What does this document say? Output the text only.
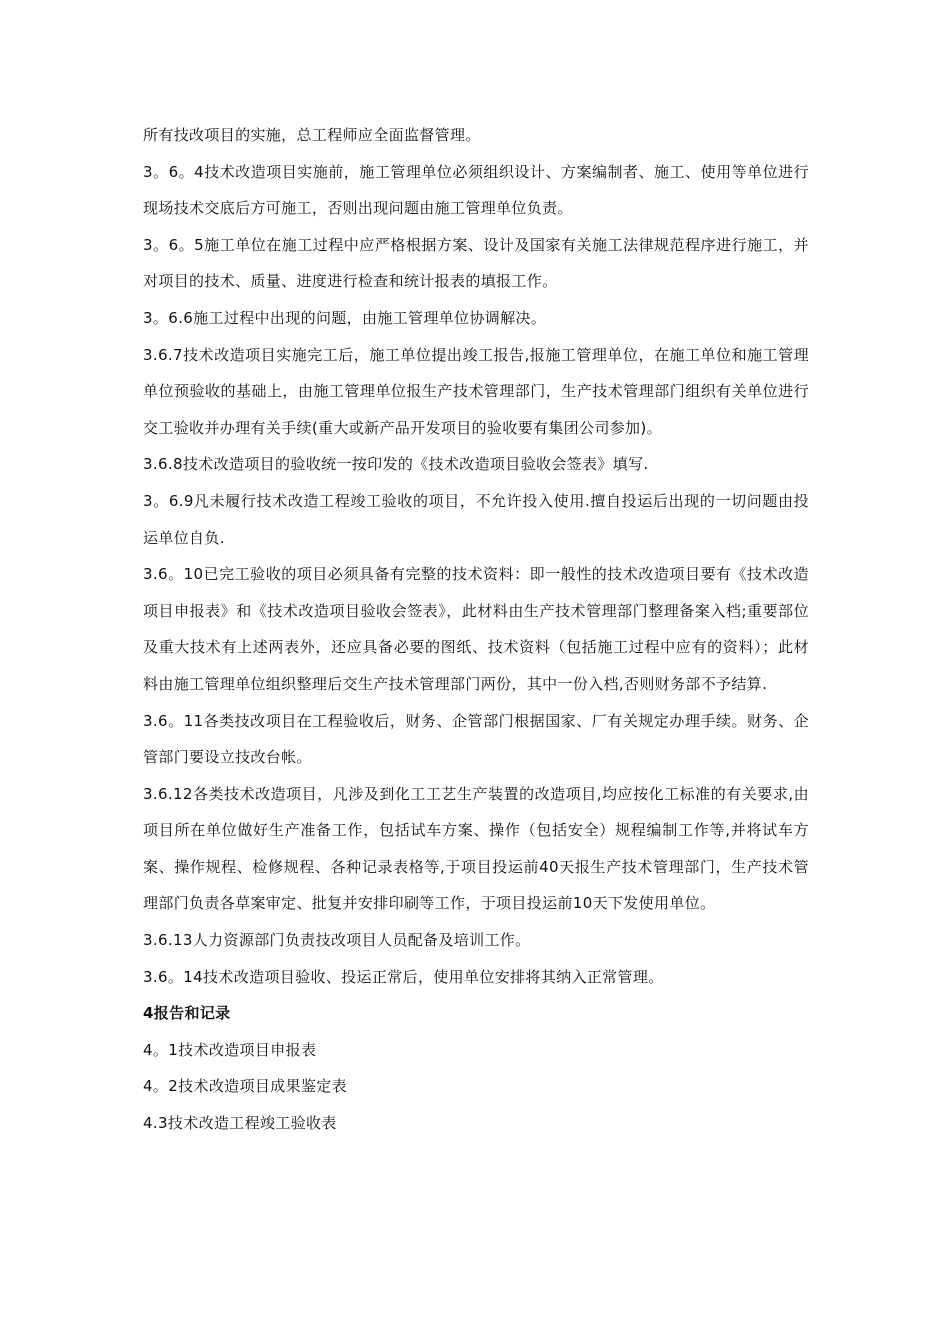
所有技改项目的实施，总工程师应全面监督管理。

3。6。4技术改造项目实施前，施工管理单位必须组织设计、方案编制者、施工、使用等单位进行现场技术交底后方可施工，否则出现问题由施工管理单位负责。

3。6。5施工单位在施工过程中应严格根据方案、设计及国家有关施工法律规范程序进行施工，并对项目的技术、质量、进度进行检查和统计报表的填报工作。

3。6.6施工过程中出现的问题，由施工管理单位协调解决。

3.6.7技术改造项目实施完工后，施工单位提出竣工报告,报施工管理单位，在施工单位和施工管理单位预验收的基础上，由施工管理单位报生产技术管理部门，生产技术管理部门组织有关单位进行交工验收并办理有关手续(重大或新产品开发项目的验收要有集团公司参加)。

3.6.8技术改造项目的验收统一按印发的《技术改造项目验收会签表》填写.

3。6.9凡未履行技术改造工程竣工验收的项目，不允许投入使用.擅自投运后出现的一切问题由投运单位自负.

3.6。10已完工验收的项目必须具备有完整的技术资料：即一般性的技术改造项目要有《技术改造项目申报表》和《技术改造项目验收会签表》，此材料由生产技术管理部门整理备案入档;重要部位及重大技术有上述两表外，还应具备必要的图纸、技术资料（包括施工过程中应有的资料）；此材料由施工管理单位组织整理后交生产技术管理部门两份，其中一份入档,否则财务部不予结算.

3.6。11各类技改项目在工程验收后，财务、企管部门根据国家、厂有关规定办理手续。财务、企管部门要设立技改台帐。

3.6.12各类技术改造项目，凡涉及到化工工艺生产装置的改造项目,均应按化工标准的有关要求,由项目所在单位做好生产准备工作，包括试车方案、操作（包括安全）规程编制工作等,并将试车方案、操作规程、检修规程、各种记录表格等,于项目投运前40天报生产技术管理部门，生产技术管理部门负责各草案审定、批复并安排印刷等工作，于项目投运前10天下发使用单位。

3.6.13人力资源部门负责技改项目人员配备及培训工作。

3.6。14技术改造项目验收、投运正常后，使用单位安排将其纳入正常管理。

4报告和记录

4。1技术改造项目申报表

4。2技术改造项目成果鉴定表

4.3技术改造工程竣工验收表
